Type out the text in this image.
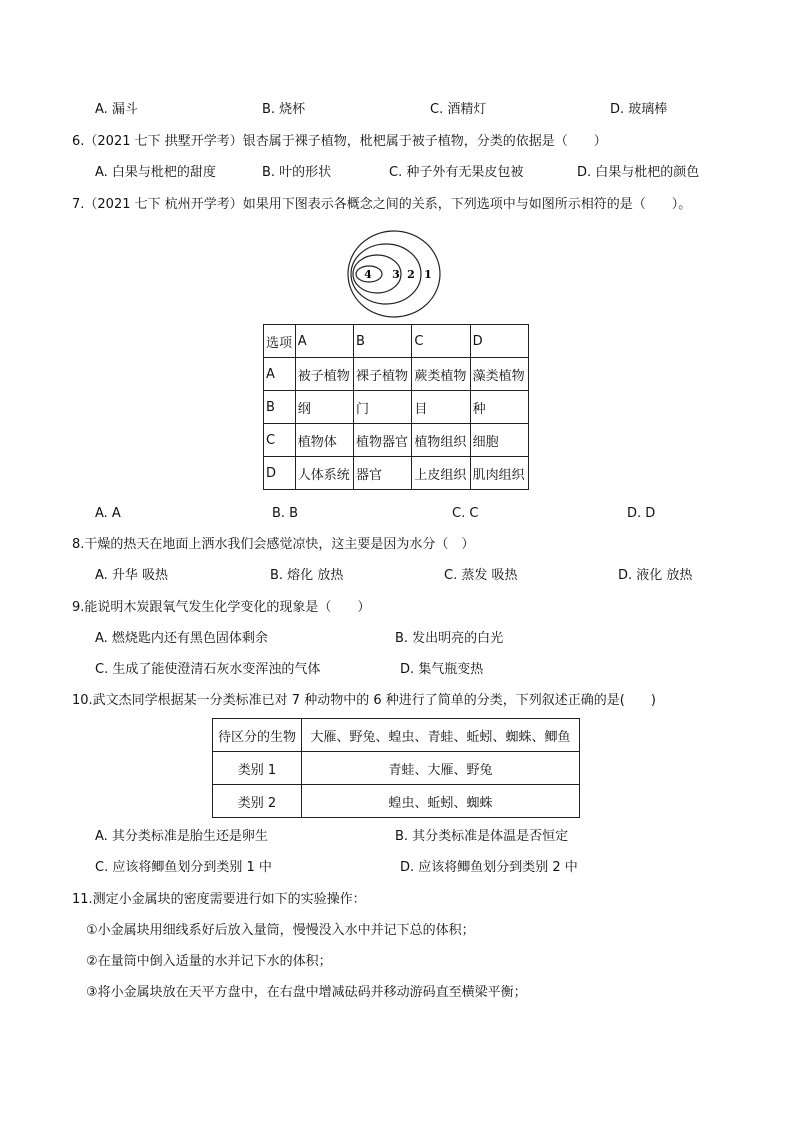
A. 漏斗	B. 烧杯	C. 酒精灯	D. 玻璃棒
6.（2021 七下 拱墅开学考）银杏属于裸子植物，枇杷属于被子植物，分类的依据是（　　）
A. 白果与枇杷的甜度	B. 叶的形状	C. 种子外有无果皮包被	D. 白果与枇杷的颜色
7.（2021 七下 杭州开学考）如果用下图表示各概念之间的关系，下列选项中与如图所示相符的是（　　）。
4 3 2 1
选项	A	B	C	D
A	被子植物	裸子植物	蕨类植物	藻类植物
B	纲	门	目	种
C	植物体	植物器官	植物组织	细胞
D	人体系统	器官	上皮组织	肌肉组织
A. A	B. B	C. C	D. D
8.干燥的热天在地面上洒水我们会感觉凉快，这主要是因为水分（　）
A. 升华 吸热	B. 熔化 放热	C. 蒸发 吸热	D. 液化 放热
9.能说明木炭跟氧气发生化学变化的现象是（　　）
A. 燃烧匙内还有黑色固体剩余	B. 发出明亮的白光
C. 生成了能使澄清石灰水变浑浊的气体	D. 集气瓶变热
10.武文杰同学根据某一分类标准已对 7 种动物中的 6 种进行了简单的分类，下列叙述正确的是(　　)
待区分的生物	大雁、野兔、蝗虫、青蛙、蚯蚓、蜘蛛、鲫鱼
类别 1	青蛙、大雁、野兔
类别 2	蝗虫、蚯蚓、蜘蛛
A. 其分类标准是胎生还是卵生	B. 其分类标准是体温是否恒定
C. 应该将鲫鱼划分到类别 1 中	D. 应该将鲫鱼划分到类别 2 中
11.测定小金属块的密度需要进行如下的实验操作：
①小金属块用细线系好后放入量筒，慢慢没入水中并记下总的体积；
②在量筒中倒入适量的水并记下水的体积；
③将小金属块放在天平方盘中，在右盘中增减砝码并移动游码直至横梁平衡；
